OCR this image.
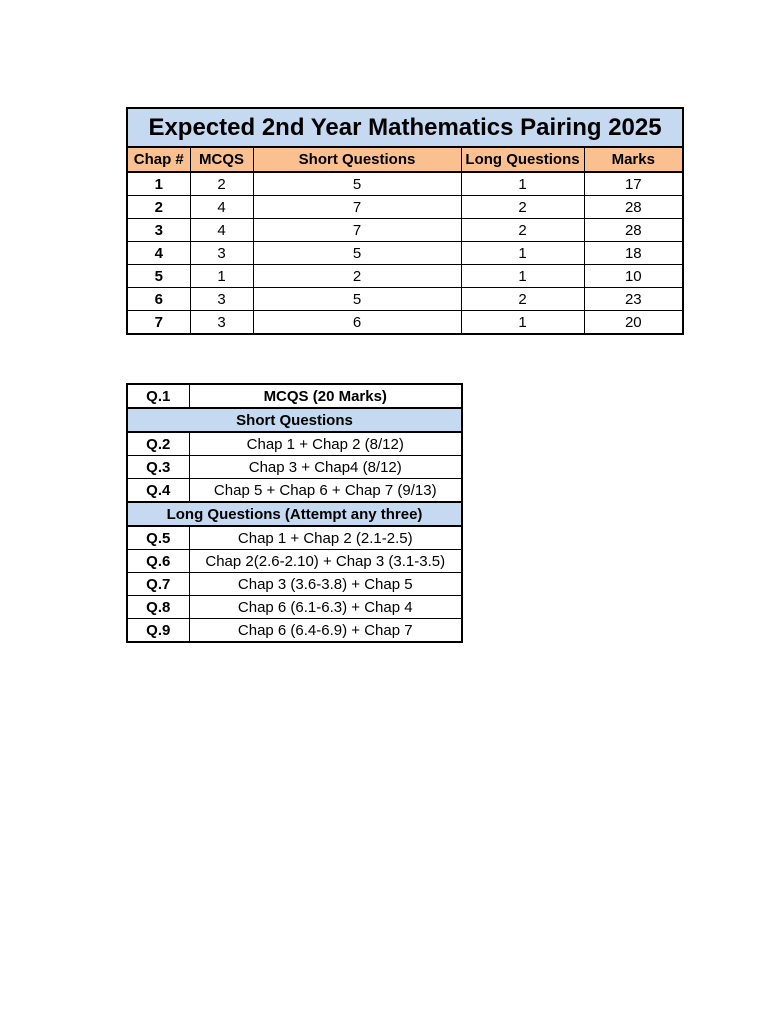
Expected 2nd Year Mathematics Pairing 2025				
Chap #	MCQS	Short Questions	Long Questions	Marks
1	2	5	1	17
2	4	7	2	28
3	4	7	2	28
4	3	5	1	18
5	1	2	1	10
6	3	5	2	23
7	3	6	1	20
Q.1	MCQS (20 Marks)
Short Questions	
Q.2	Chap 1 + Chap 2 (8/12)
Q.3	Chap 3 + Chap4 (8/12)
Q.4	Chap 5 + Chap 6 + Chap 7 (9/13)
Long Questions (Attempt any three)	
Q.5	Chap 1 + Chap 2 (2.1-2.5)
Q.6	Chap 2(2.6-2.10) + Chap 3 (3.1-3.5)
Q.7	Chap 3 (3.6-3.8) + Chap 5
Q.8	Chap 6 (6.1-6.3) + Chap 4
Q.9	Chap 6 (6.4-6.9) + Chap 7
